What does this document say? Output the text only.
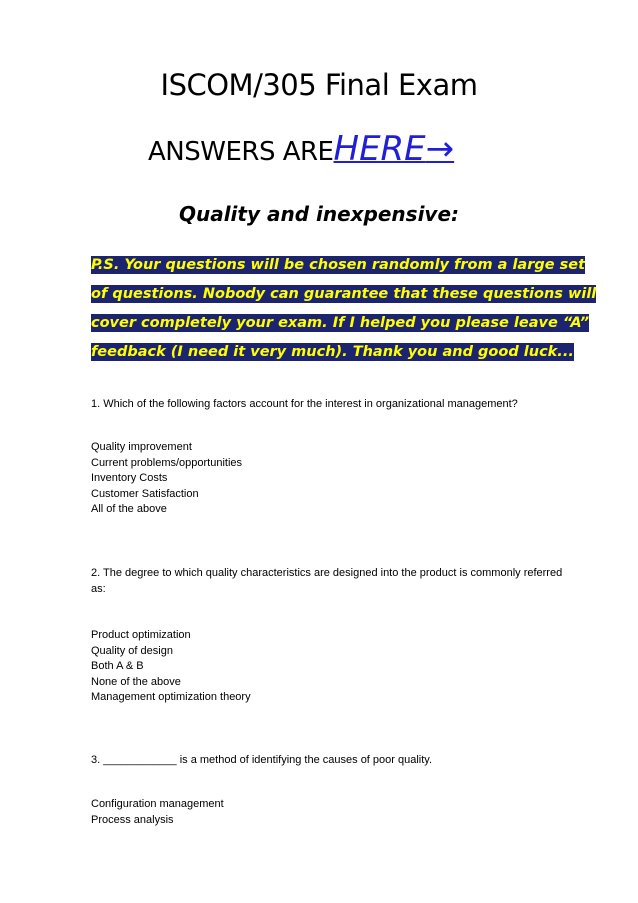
ISCOM/305 Final Exam
ANSWERS AREHERE→
Quality and inexpensive:
P.S. Your questions will be chosen randomly from a large set
of questions. Nobody can guarantee that these questions will
cover completely your exam. If I helped you please leave “A”
feedback (I need it very much). Thank you and good luck...
1. Which of the following factors account for the interest in organizational management?
Quality improvement
Current problems/opportunities
Inventory Costs
Customer Satisfaction
All of the above
2. The degree to which quality characteristics are designed into the product is commonly referred as:
Product optimization
Quality of design
Both A & B
None of the above
Management optimization theory
3. ____________ is a method of identifying the causes of poor quality.
Configuration management
Process analysis
